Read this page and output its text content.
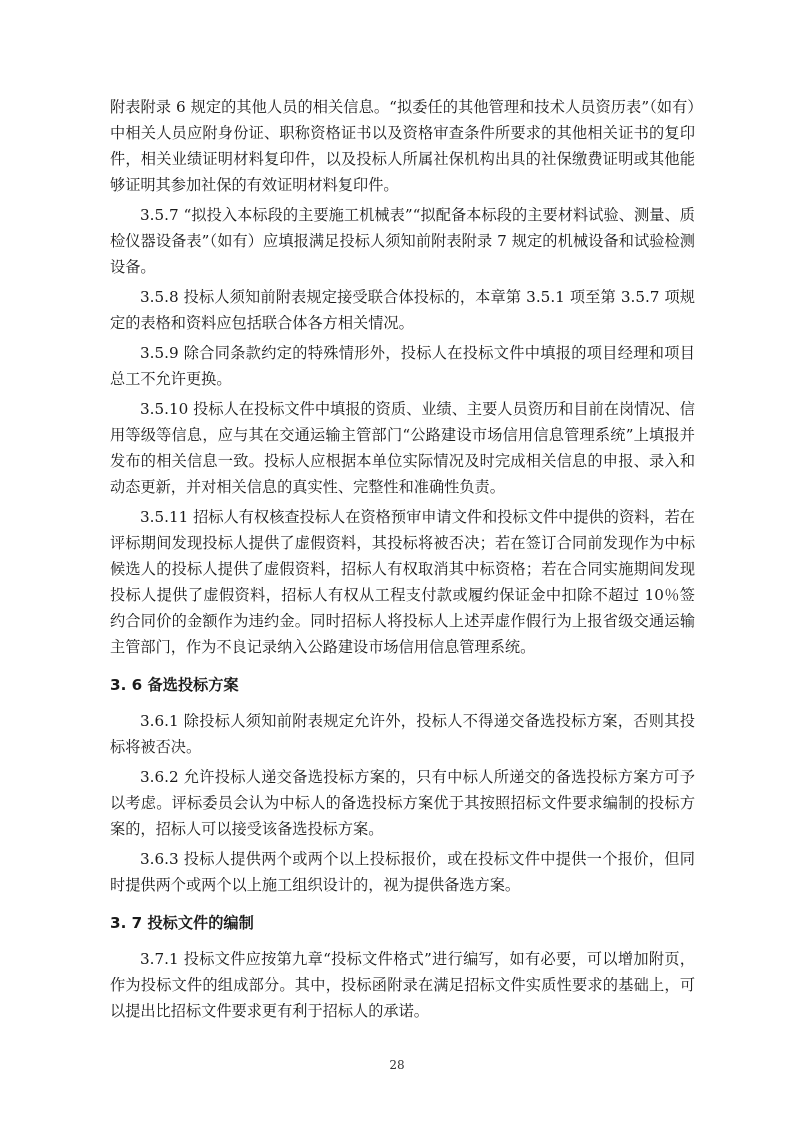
附表附录 6 规定的其他人员的相关信息。“拟委任的其他管理和技术人员资历表”（如有）中相关人员应附身份证、职称资格证书以及资格审查条件所要求的其他相关证书的复印件，相关业绩证明材料复印件，以及投标人所属社保机构出具的社保缴费证明或其他能够证明其参加社保的有效证明材料复印件。

3.5.7 “拟投入本标段的主要施工机械表”“拟配备本标段的主要材料试验、测量、质检仪器设备表”（如有）应填报满足投标人须知前附表附录 7 规定的机械设备和试验检测设备。

3.5.8 投标人须知前附表规定接受联合体投标的，本章第 3.5.1 项至第 3.5.7 项规定的表格和资料应包括联合体各方相关情况。

3.5.9 除合同条款约定的特殊情形外，投标人在投标文件中填报的项目经理和项目总工不允许更换。

3.5.10 投标人在投标文件中填报的资质、业绩、主要人员资历和目前在岗情况、信用等级等信息，应与其在交通运输主管部门“公路建设市场信用信息管理系统”上填报并发布的相关信息一致。投标人应根据本单位实际情况及时完成相关信息的申报、录入和动态更新，并对相关信息的真实性、完整性和准确性负责。

3.5.11 招标人有权核查投标人在资格预审申请文件和投标文件中提供的资料，若在评标期间发现投标人提供了虚假资料，其投标将被否决；若在签订合同前发现作为中标候选人的投标人提供了虚假资料，招标人有权取消其中标资格；若在合同实施期间发现投标人提供了虚假资料，招标人有权从工程支付款或履约保证金中扣除不超过 10％签约合同价的金额作为违约金。同时招标人将投标人上述弄虚作假行为上报省级交通运输主管部门，作为不良记录纳入公路建设市场信用信息管理系统。

3. 6 备选投标方案

3.6.1 除投标人须知前附表规定允许外，投标人不得递交备选投标方案，否则其投标将被否决。

3.6.2 允许投标人递交备选投标方案的，只有中标人所递交的备选投标方案方可予以考虑。评标委员会认为中标人的备选投标方案优于其按照招标文件要求编制的投标方案的，招标人可以接受该备选投标方案。

3.6.3 投标人提供两个或两个以上投标报价，或在投标文件中提供一个报价，但同时提供两个或两个以上施工组织设计的，视为提供备选方案。

3. 7 投标文件的编制

3.7.1 投标文件应按第九章“投标文件格式”进行编写，如有必要，可以增加附页，作为投标文件的组成部分。其中，投标函附录在满足招标文件实质性要求的基础上，可以提出比招标文件要求更有利于招标人的承诺。

28
